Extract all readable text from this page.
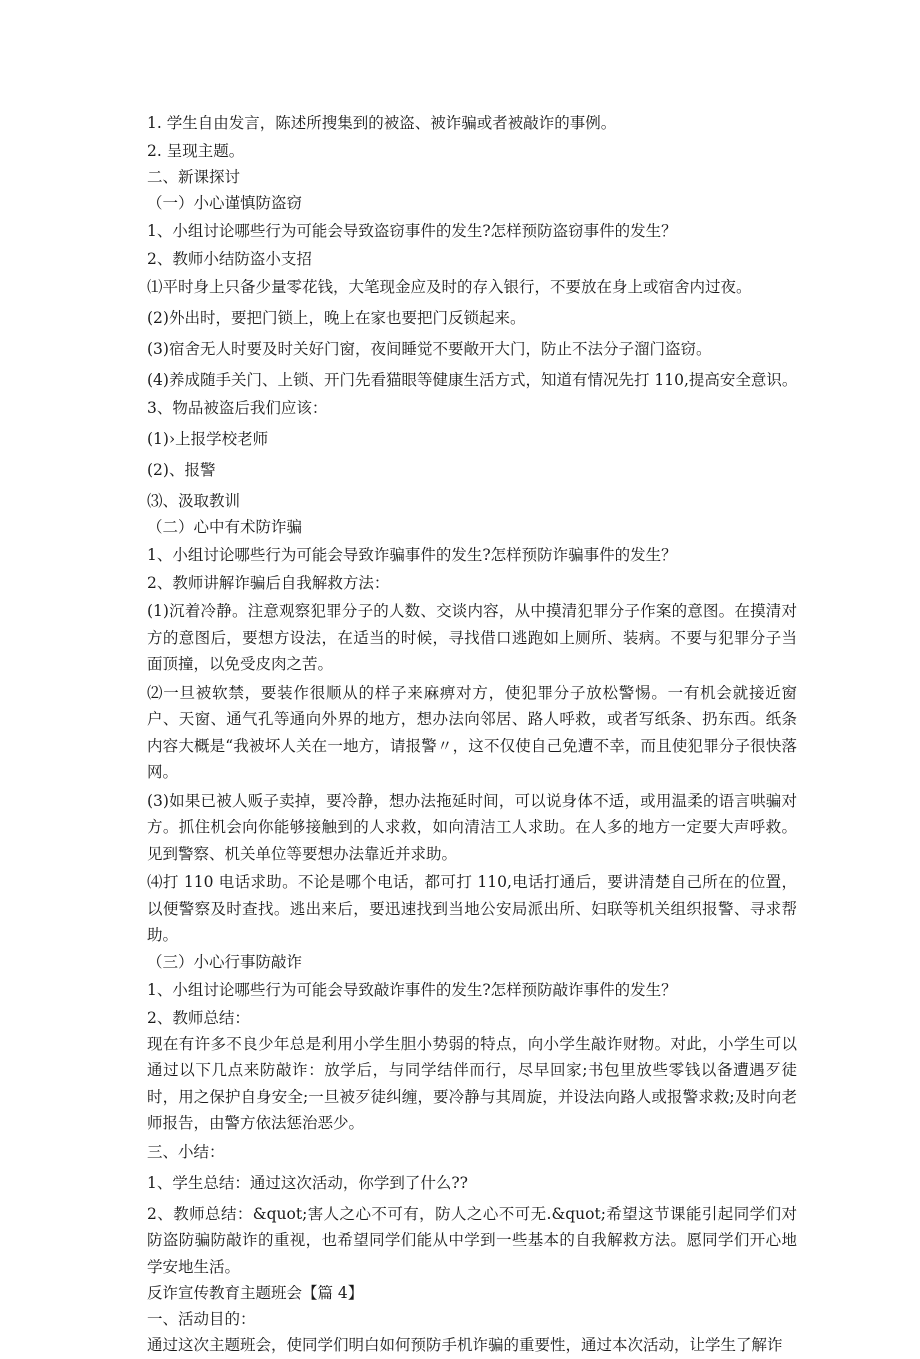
1. 学生自由发言，陈述所搜集到的被盗、被诈骗或者被敲诈的事例。

2. 呈现主题。

二、新课探讨

（一）小心谨慎防盗窃

1、小组讨论哪些行为可能会导致盗窃事件的发生?怎样预防盗窃事件的发生？

2、教师小结防盗小支招

⑴平时身上只备少量零花钱，大笔现金应及时的存入银行，不要放在身上或宿舍内过夜。

(2)外出时，要把门锁上，晚上在家也要把门反锁起来。

(3)宿舍无人时要及时关好门窗，夜间睡觉不要敞开大门，防止不法分子溜门盗窃。

(4)养成随手关门、上锁、开门先看猫眼等健康生活方式，知道有情况先打 110,提高安全意识。

3、物品被盗后我们应该：

(1)›上报学校老师

(2)、报警

⑶、汲取教训

（二）心中有术防诈骗

1、小组讨论哪些行为可能会导致诈骗事件的发生?怎样预防诈骗事件的发生？

2、教师讲解诈骗后自我解救方法：

(1)沉着冷静。注意观察犯罪分子的人数、交谈内容，从中摸清犯罪分子作案的意图。在摸清对方的意图后，要想方设法，在适当的时候，寻找借口逃跑如上厕所、装病。不要与犯罪分子当面顶撞，以免受皮肉之苦。

⑵一旦被软禁，要装作很顺从的样子来麻痹对方，使犯罪分子放松警惕。一有机会就接近窗户、天窗、通气孔等通向外界的地方，想办法向邻居、路人呼救，或者写纸条、扔东西。纸条内容大概是“我被坏人关在一地方，请报警〃，这不仅使自己免遭不幸，而且使犯罪分子很快落网。

(3)如果已被人贩子卖掉，要冷静，想办法拖延时间，可以说身体不适，或用温柔的语言哄骗对方。抓住机会向你能够接触到的人求救，如向清洁工人求助。在人多的地方一定要大声呼救。见到警察、机关单位等要想办法靠近并求助。

⑷打 110 电话求助。不论是哪个电话，都可打 110,电话打通后，要讲清楚自己所在的位置，以便警察及时查找。逃出来后，要迅速找到当地公安局派出所、妇联等机关组织报警、寻求帮助。

（三）小心行事防敲诈

1、小组讨论哪些行为可能会导致敲诈事件的发生?怎样预防敲诈事件的发生？

2、教师总结：

现在有许多不良少年总是利用小学生胆小势弱的特点，向小学生敲诈财物。对此，小学生可以通过以下几点来防敲诈：放学后，与同学结伴而行，尽早回家;书包里放些零钱以备遭遇歹徒时，用之保护自身安全;一旦被歹徒纠缠，要冷静与其周旋，并设法向路人或报警求救;及时向老师报告，由警方依法惩治恶少。

三、小结：

1、学生总结：通过这次活动，你学到了什么??

2、教师总结：&quot;害人之心不可有，防人之心不可无.&quot;希望这节课能引起同学们对防盗防骗防敲诈的重视，也希望同学们能从中学到一些基本的自我解救方法。愿同学们开心地学安地生活。

反诈宣传教育主题班会【篇 4】

一、活动目的：

通过这次主题班会，使同学们明白如何预防手机诈骗的重要性，通过本次活动，让学生了解诈
